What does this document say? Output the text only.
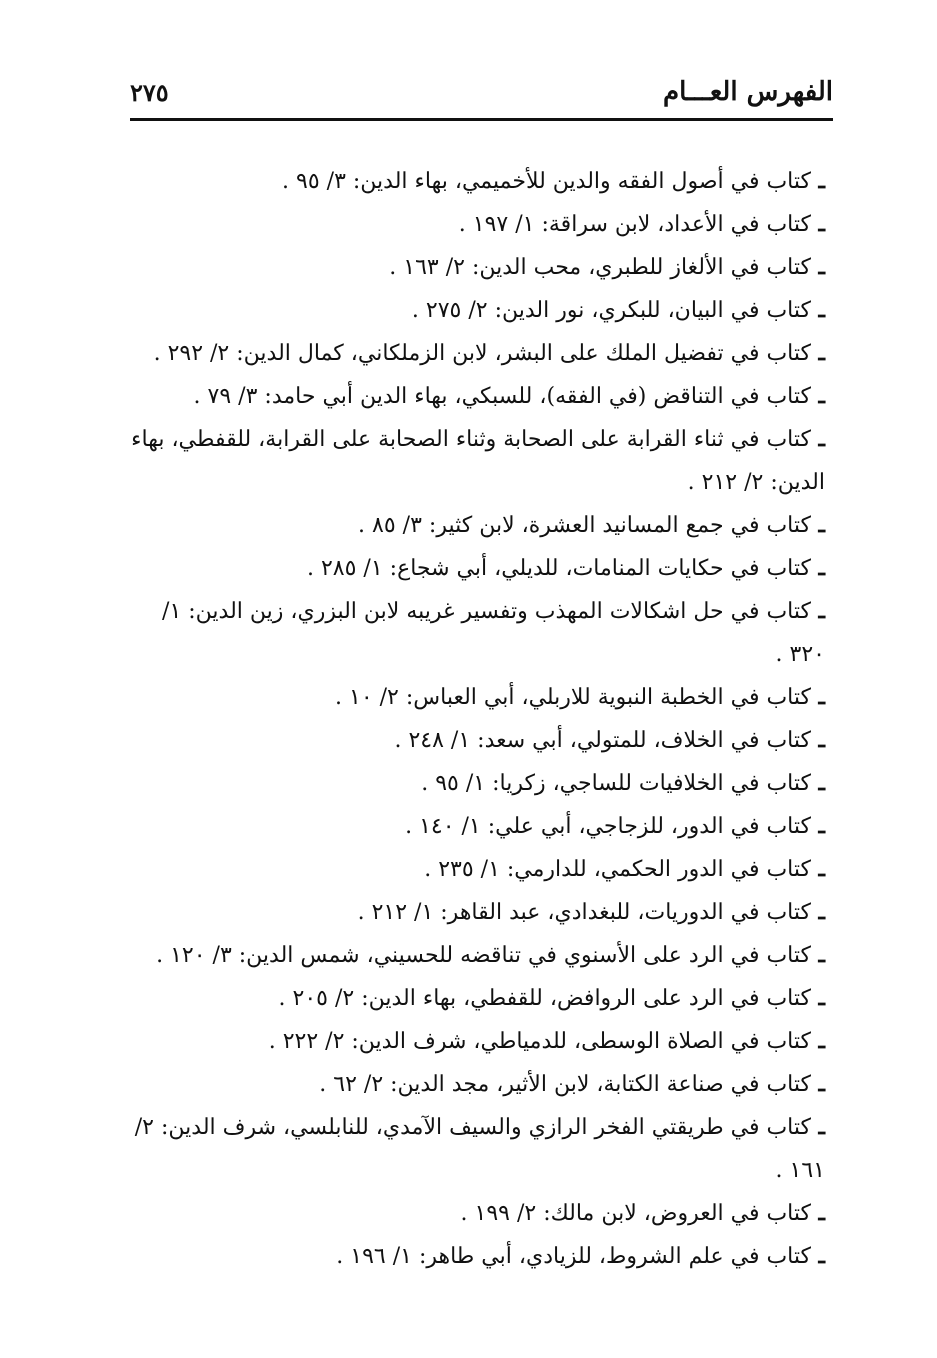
الفهرس العـــام
٢٧٥
ـكتاب في أصول الفقه والدين للأخميمي، بهاء الدين: ٣/ ٩٥ .
ـكتاب في الأعداد، لابن سراقة: ١/ ١٩٧ .
ـكتاب في الألغاز للطبري، محب الدين: ٢/ ١٦٣ .
ـكتاب في البيان، للبكري، نور الدين: ٢/ ٢٧٥ .
ـكتاب في تفضيل الملك على البشر، لابن الزملكاني، كمال الدين: ٢/ ٢٩٢ .
ـكتاب في التناقض (في الفقه)، للسبكي، بهاء الدين أبي حامد: ٣/ ٧٩ .
ـكتاب في ثناء القرابة على الصحابة وثناء الصحابة على القرابة، للقفطي، بهاء الدين: ٢/ ٢١٢ .
ـكتاب في جمع المسانيد العشرة، لابن كثير: ٣/ ٨٥ .
ـكتاب في حكايات المنامات، للديلي، أبي شجاع: ١/ ٢٨٥ .
ـكتاب في حل اشكالات المهذب وتفسير غريبه لابن البزري، زين الدين: ١/ ٣٢٠ .
ـكتاب في الخطبة النبوية للاربلي، أبي العباس: ٢/ ١٠ .
ـكتاب في الخلاف، للمتولي، أبي سعد: ١/ ٢٤٨ .
ـكتاب في الخلافيات للساجي، زكريا: ١/ ٩٥ .
ـكتاب في الدور، للزجاجي، أبي علي: ١/ ١٤٠ .
ـكتاب في الدور الحكمي، للدارمي: ١/ ٢٣٥ .
ـكتاب في الدوريات، للبغدادي، عبد القاهر: ١/ ٢١٢ .
ـكتاب في الرد على الأسنوي في تناقضه للحسيني، شمس الدين: ٣/ ١٢٠ .
ـكتاب في الرد على الروافض، للقفطي، بهاء الدين: ٢/ ٢٠٥ .
ـكتاب في الصلاة الوسطى، للدمياطي، شرف الدين: ٢/ ٢٢٢ .
ـكتاب في صناعة الكتابة، لابن الأثير، مجد الدين: ٢/ ٦٢ .
ـكتاب في طريقتي الفخر الرازي والسيف الآمدي، للنابلسي، شرف الدين: ٢/ ١٦١ .
ـكتاب في العروض، لابن مالك: ٢/ ١٩٩ .
ـكتاب في علم الشروط، للزيادي، أبي طاهر: ١/ ١٩٦ .
